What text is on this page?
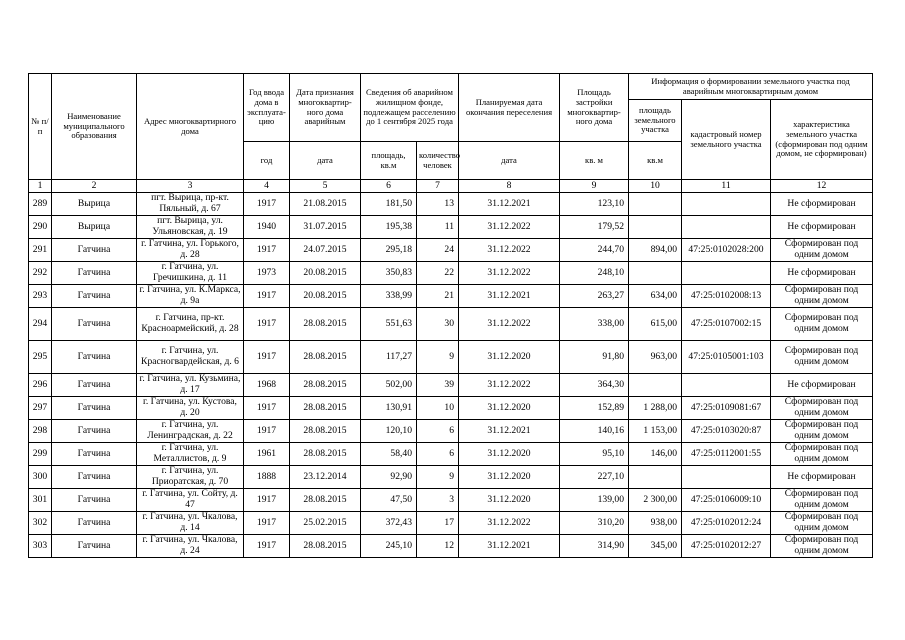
№ п/п	Наименование муниципального образования	Адрес многоквартирного дома	Год ввода дома в эксплуата-цию	Дата признания многоквартир-ного дома аварийным	Сведения об аварийном жилищном фонде, подлежащем расселению до 1 сентября 2025 года		Планируемая дата окончания переселения	Площадь застройки многоквартир-ного дома	Информация о формировании земельного участка под аварийным многоквартирным домом		
									площадь земельного участка	кадастровый номер земельного участка	характеристика земельного участка (сформирован под одним домом, не сформирован)
			год	дата	площадь, кв.м	количество человек	дата	кв. м	кв.м		
1	2	3	4	5	6	7	8	9	10	11	12
289	Вырица	пгт. Вырица, пр-кт. Пяльный, д. 67	1917	21.08.2015	181,50	13	31.12.2021	123,10			Не сформирован
290	Вырица	пгт. Вырица, ул. Ульяновская, д. 19	1940	31.07.2015	195,38	11	31.12.2022	179,52			Не сформирован
291	Гатчина	г. Гатчина, ул. Горького, д. 28	1917	24.07.2015	295,18	24	31.12.2022	244,70	894,00	47:25:0102028:200	Сформирован под одним домом
292	Гатчина	г. Гатчина, ул. Гречишкина, д. 11	1973	20.08.2015	350,83	22	31.12.2022	248,10			Не сформирован
293	Гатчина	г. Гатчина, ул. К.Маркса, д. 9а	1917	20.08.2015	338,99	21	31.12.2021	263,27	634,00	47:25:0102008:13	Сформирован под одним домом
294	Гатчина	г. Гатчина, пр-кт. Красноармейский, д. 28	1917	28.08.2015	551,63	30	31.12.2022	338,00	615,00	47:25:0107002:15	Сформирован под одним домом
295	Гатчина	г. Гатчина, ул. Красногвардейская, д. 6	1917	28.08.2015	117,27	9	31.12.2020	91,80	963,00	47:25:0105001:103	Сформирован под одним домом
296	Гатчина	г. Гатчина, ул. Кузьмина, д. 17	1968	28.08.2015	502,00	39	31.12.2022	364,30			Не сформирован
297	Гатчина	г. Гатчина, ул. Кустова, д. 20	1917	28.08.2015	130,91	10	31.12.2020	152,89	1 288,00	47:25:0109081:67	Сформирован под одним домом
298	Гатчина	г. Гатчина, ул. Ленинградская, д. 22	1917	28.08.2015	120,10	6	31.12.2021	140,16	1 153,00	47:25:0103020:87	Сформирован под одним домом
299	Гатчина	г. Гатчина, ул. Металлистов, д. 9	1961	28.08.2015	58,40	6	31.12.2020	95,10	146,00	47:25:0112001:55	Сформирован под одним домом
300	Гатчина	г. Гатчина, ул. Приоратская, д. 70	1888	23.12.2014	92,90	9	31.12.2020	227,10			Не сформирован
301	Гатчина	г. Гатчина, ул. Сойту, д. 47	1917	28.08.2015	47,50	3	31.12.2020	139,00	2 300,00	47:25:0106009:10	Сформирован под одним домом
302	Гатчина	г. Гатчина, ул. Чкалова, д. 14	1917	25.02.2015	372,43	17	31.12.2022	310,20	938,00	47:25:0102012:24	Сформирован под одним домом
303	Гатчина	г. Гатчина, ул. Чкалова, д. 24	1917	28.08.2015	245,10	12	31.12.2021	314,90	345,00	47:25:0102012:27	Сформирован под одним домом
